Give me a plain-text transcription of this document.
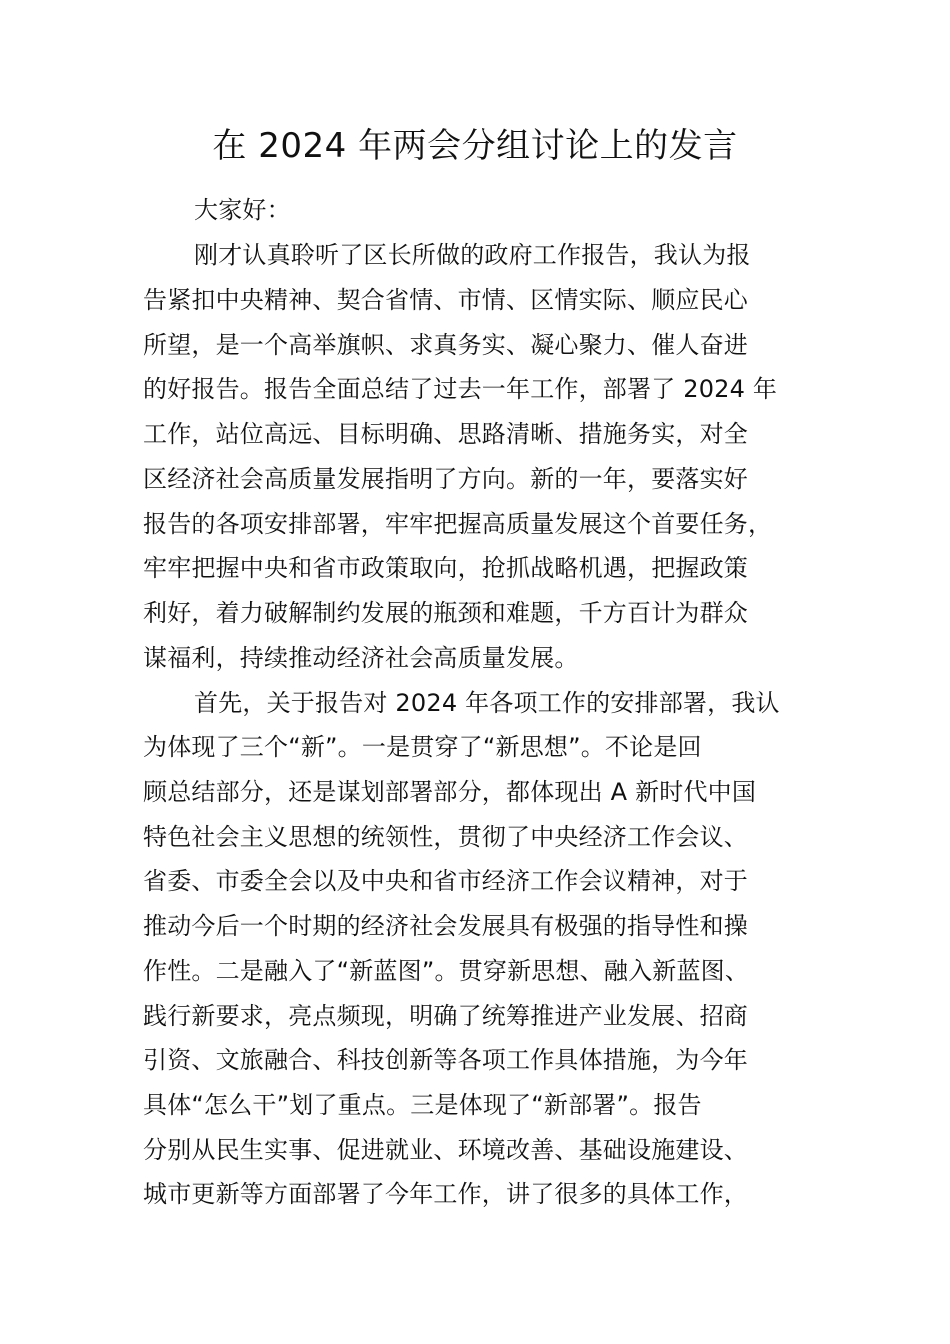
在 2024 年两会分组讨论上的发言
大家好：
刚才认真聆听了区长所做的政府工作报告，我认为报
告紧扣中央精神、契合省情、市情、区情实际、顺应民心
所望，是一个高举旗帜、求真务实、凝心聚力、催人奋进
的好报告。报告全面总结了过去一年工作，部署了 2024 年
工作，站位高远、目标明确、思路清晰、措施务实，对全
区经济社会高质量发展指明了方向。新的一年，要落实好
报告的各项安排部署，牢牢把握高质量发展这个首要任务，
牢牢把握中央和省市政策取向，抢抓战略机遇，把握政策
利好，着力破解制约发展的瓶颈和难题，千方百计为群众
谋福利，持续推动经济社会高质量发展。
首先，关于报告对 2024 年各项工作的安排部署，我认
为体现了三个“新”。一是贯穿了“新思想”。不论是回
顾总结部分，还是谋划部署部分，都体现出 A 新时代中国
特色社会主义思想的统领性，贯彻了中央经济工作会议、
省委、市委全会以及中央和省市经济工作会议精神，对于
推动今后一个时期的经济社会发展具有极强的指导性和操
作性。二是融入了“新蓝图”。贯穿新思想、融入新蓝图、
践行新要求，亮点频现，明确了统筹推进产业发展、招商
引资、文旅融合、科技创新等各项工作具体措施，为今年
具体“怎么干”划了重点。三是体现了“新部署”。报告
分别从民生实事、促进就业、环境改善、基础设施建设、
城市更新等方面部署了今年工作，讲了很多的具体工作，
